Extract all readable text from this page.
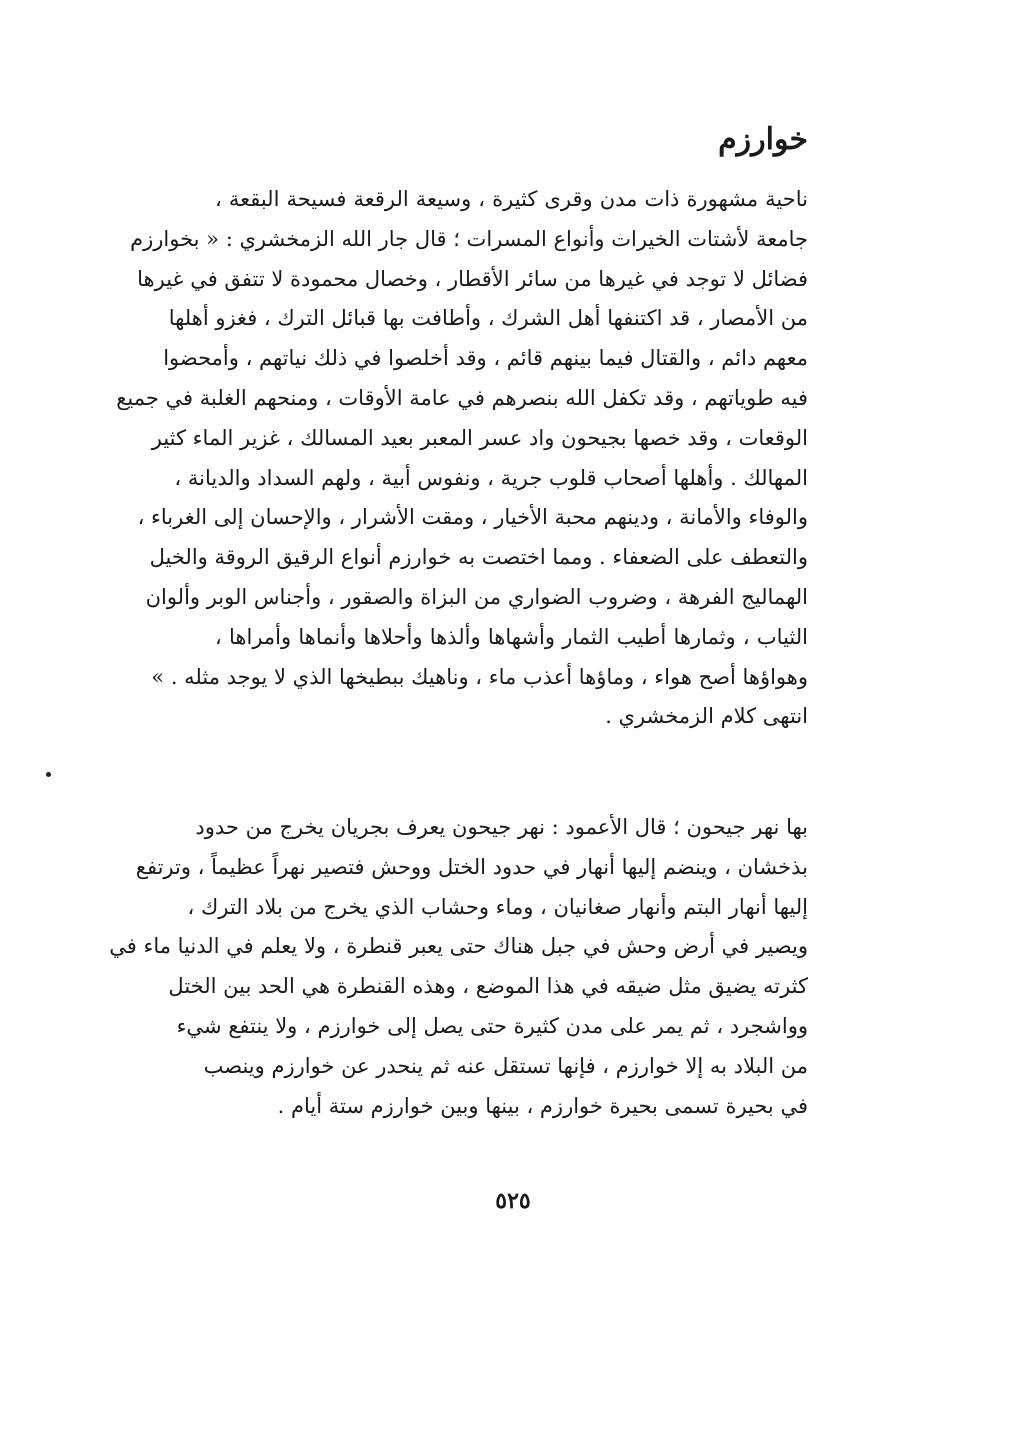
خوارزم
ناحية مشهورة ذات مدن وقرى كثيرة ، وسيعة الرقعة فسيحة البقعة ،
جامعة لأشتات الخيرات وأنواع المسرات ؛ قال جار الله الزمخشري : « بخوارزم
فضائل لا توجد في غيرها من سائر الأقطار ، وخصال محمودة لا تتفق في غيرها
من الأمصار ، قد اكتنفها أهل الشرك ، وأطافت بها قبائل الترك ، فغزو أهلها
معهم دائم ، والقتال فيما بينهم قائم ، وقد أخلصوا في ذلك نياتهم ، وأمحضوا
فيه طوياتهم ، وقد تكفل الله بنصرهم في عامة الأوقات ، ومنحهم الغلبة في جميع
الوقعات ، وقد خصها بجيحون واد عسر المعبر بعيد المسالك ، غزير الماء كثير
المهالك . وأهلها أصحاب قلوب جرية ، ونفوس أبية ، ولهم السداد والديانة ،
والوفاء والأمانة ، ودينهم محبة الأخيار ، ومقت الأشرار ، والإحسان إلى الغرباء ،
والتعطف على الضعفاء . ومما اختصت به خوارزم أنواع الرقيق الروقة والخيل
الهماليج الفرهة ، وضروب الضواري من البزاة والصقور ، وأجناس الوبر وألوان
الثياب ، وثمارها أطيب الثمار وأشهاها وألذها وأحلاها وأنماها وأمراها ،
وهواؤها أصح هواء ، وماؤها أعذب ماء ، وناهيك ببطيخها الذي لا يوجد مثله . »
انتهى كلام الزمخشري .
بها نهر جيحون ؛ قال الأعمود : نهر جيحون يعرف بجريان يخرج من حدود
بذخشان ، وينضم إليها أنهار في حدود الختل ووحش فتصير نهراً عظيماً ، وترتفع
إليها أنهار البتم وأنهار صغانيان ، وماء وحشاب الذي يخرج من بلاد الترك ،
ويصير في أرض وحش في جبل هناك حتى يعبر قنطرة ، ولا يعلم في الدنيا ماء في
كثرته يضيق مثل ضيقه في هذا الموضع ، وهذه القنطرة هي الحد بين الختل
وواشجرد ، ثم يمر على مدن كثيرة حتى يصل إلى خوارزم ، ولا ينتفع شيء
من البلاد به إلا خوارزم ، فإنها تستقل عنه ثم ينحدر عن خوارزم وينصب
في بحيرة تسمى بحيرة خوارزم ، بينها وبين خوارزم ستة أيام .
٥٢٥
